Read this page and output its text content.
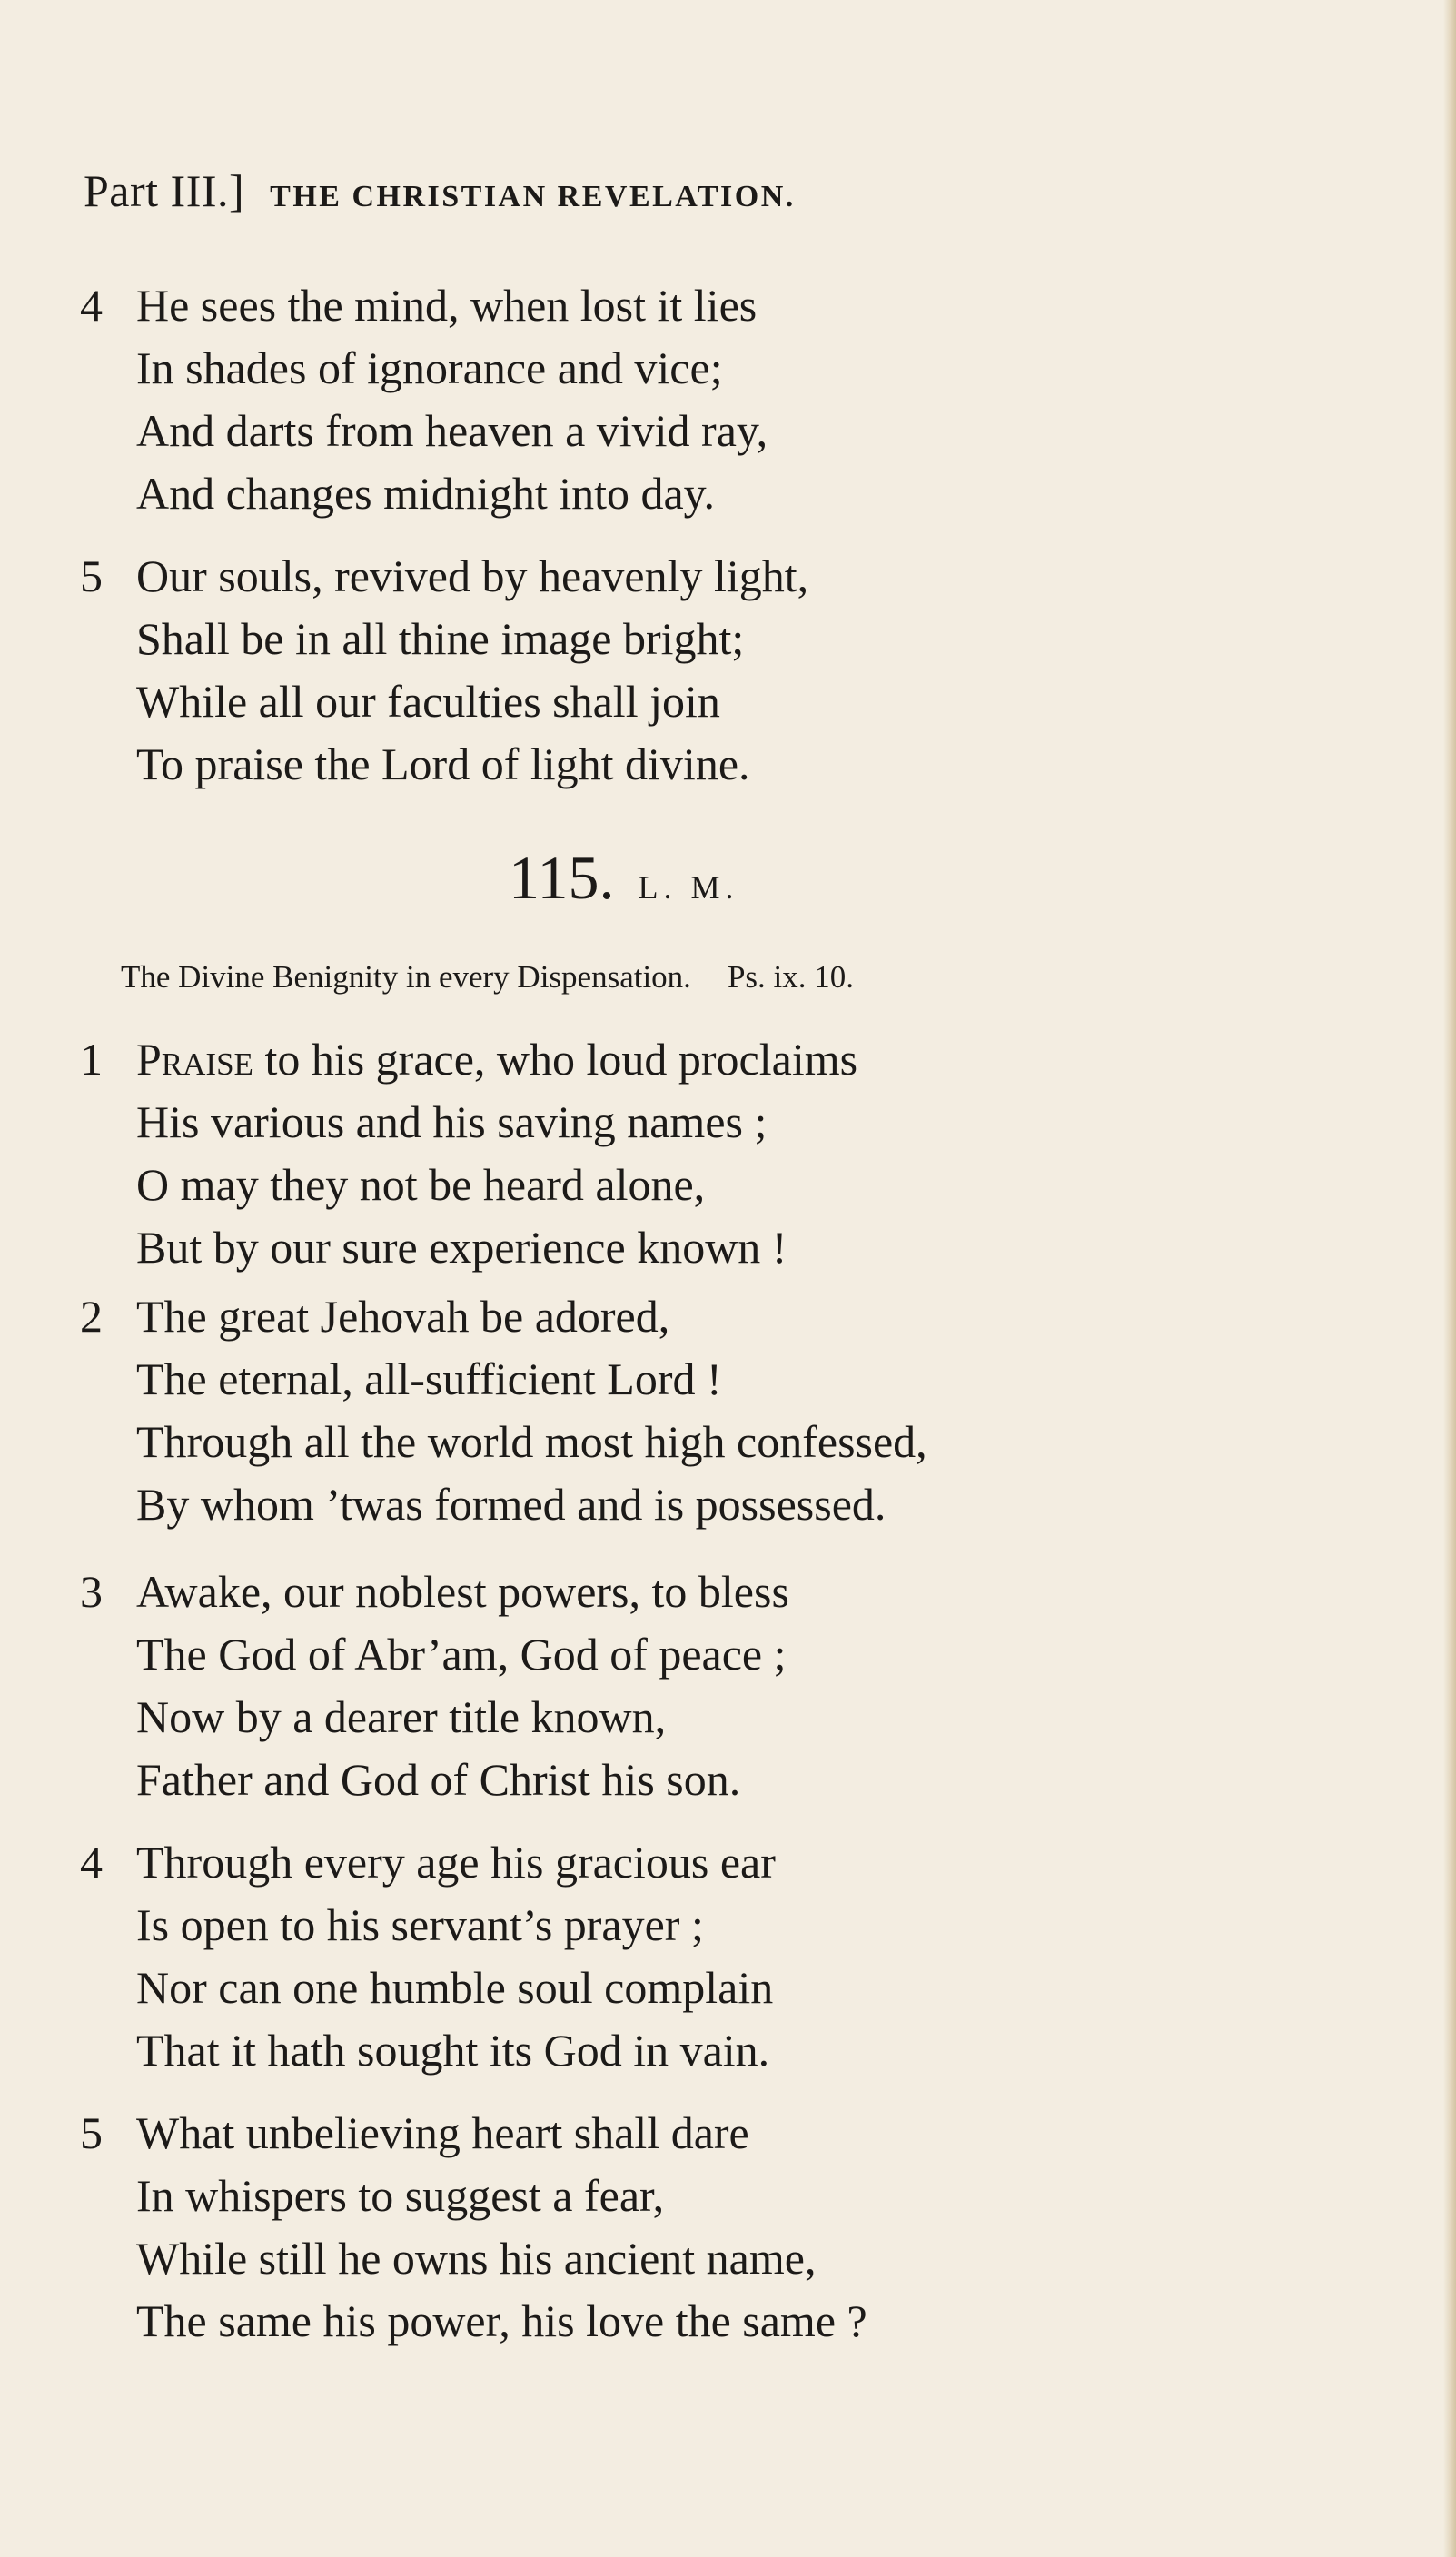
Part III.] THE CHRISTIAN REVELATION.
4 He sees the mind, when lost it lies
In shades of ignorance and vice;
And darts from heaven a vivid ray,
And changes midnight into day.
5 Our souls, revived by heavenly light,
Shall be in all thine image bright;
While all our faculties shall join
To praise the Lord of light divine.
115. L. M.
The Divine Benignity in every Dispensation. Ps. ix. 10.
1 Praise to his grace, who loud proclaims
His various and his saving names ;
O may they not be heard alone,
But by our sure experience known !
2 The great Jehovah be adored,
The eternal, all-sufficient Lord !
Through all the world most high confessed,
By whom ’twas formed and is possessed.
3 Awake, our noblest powers, to bless
The God of Abr’am, God of peace ;
Now by a dearer title known,
Father and God of Christ his son.
4 Through every age his gracious ear
Is open to his servant’s prayer ;
Nor can one humble soul complain
That it hath sought its God in vain.
5 What unbelieving heart shall dare
In whispers to suggest a fear,
While still he owns his ancient name,
The same his power, his love the same ?
